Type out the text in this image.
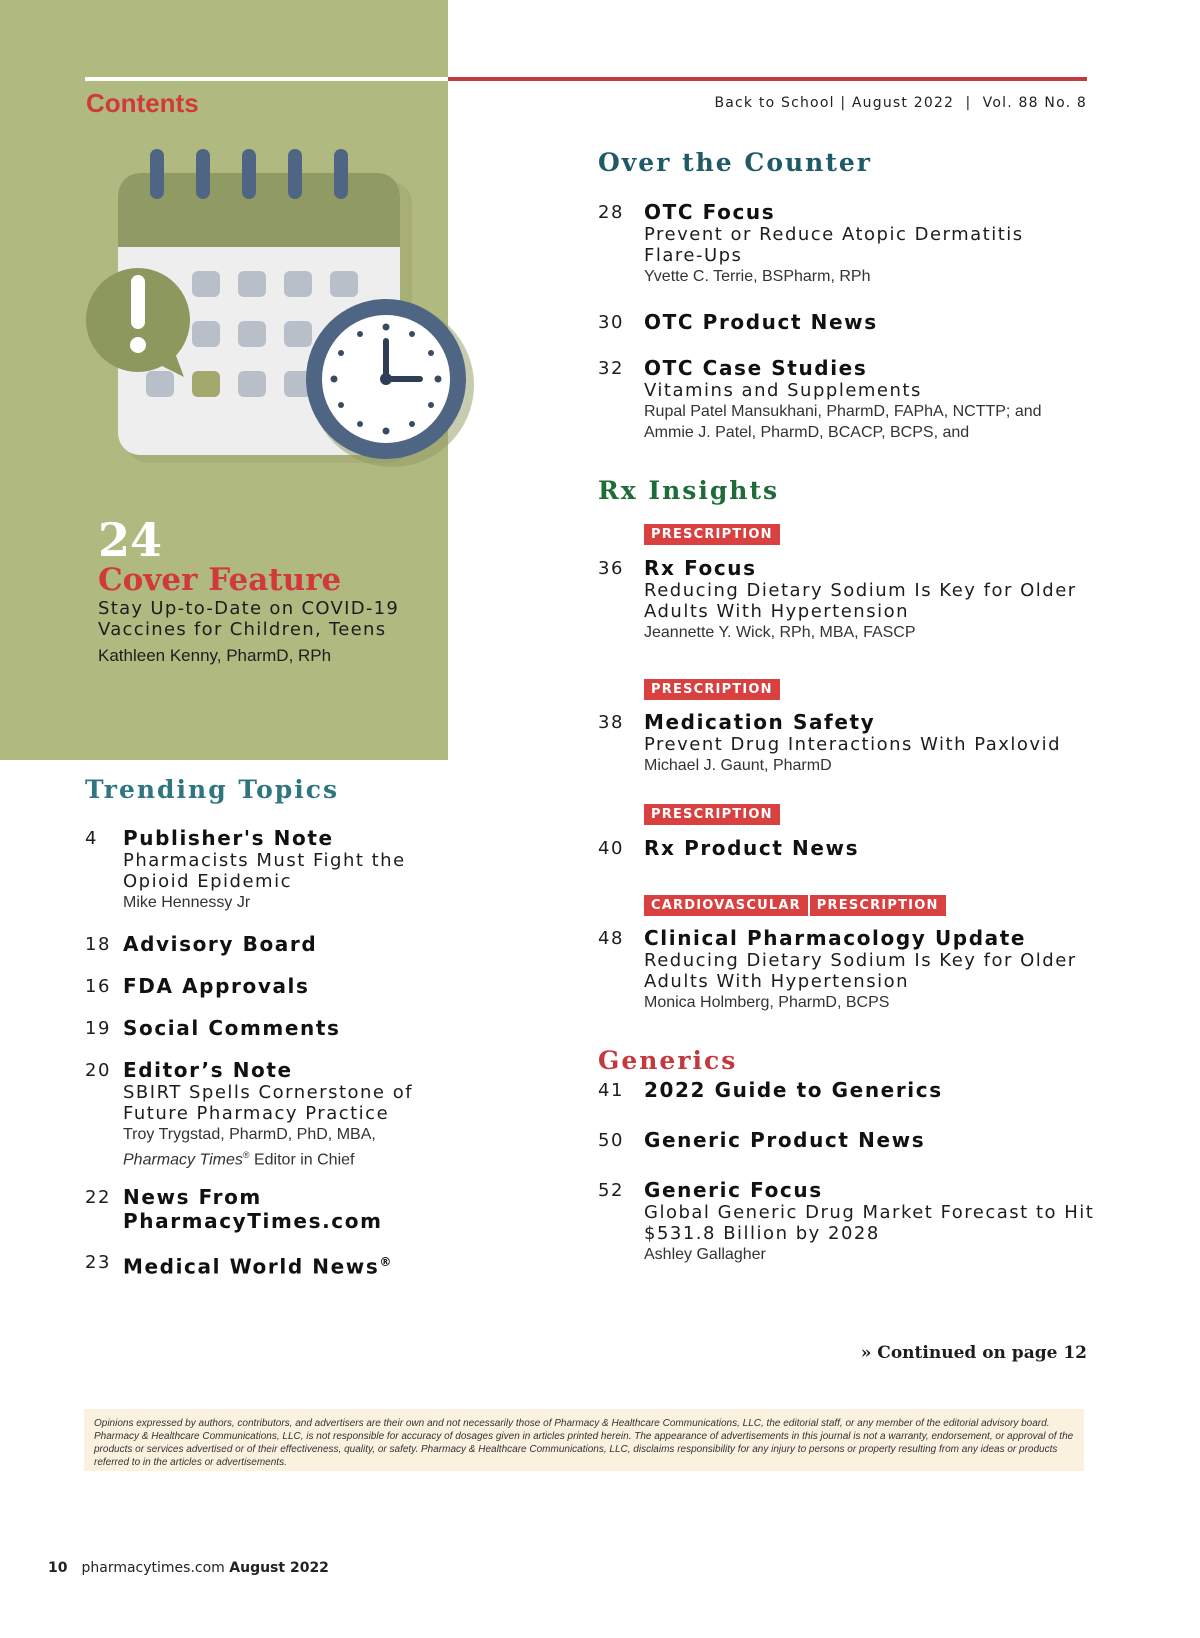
Contents	Back to School | August 2022  |  Vol. 88 No. 8
24
Cover Feature
Stay Up-to-Date on COVID-19
Vaccines for Children, Teens
Kathleen Kenny, PharmD, RPh
Trending Topics
4 Publisher's Note
Pharmacists Must Fight the
Opioid Epidemic
Mike Hennessy Jr
18 Advisory Board
16 FDA Approvals
19 Social Comments
20 Editor’s Note
SBIRT Spells Cornerstone of
Future Pharmacy Practice
Troy Trygstad, PharmD, PhD, MBA,
Pharmacy Times® Editor in Chief
22 News From
PharmacyTimes.com
23 Medical World News®
Over the Counter
28 OTC Focus
Prevent or Reduce Atopic Dermatitis
Flare-Ups
Yvette C. Terrie, BSPharm, RPh
30 OTC Product News
32 OTC Case Studies
Vitamins and Supplements
Rupal Patel Mansukhani, PharmD, FAPhA, NCTTP; and
Ammie J. Patel, PharmD, BCACP, BCPS, and
Rx Insights
PRESCRIPTION
36 Rx Focus
Reducing Dietary Sodium Is Key for Older
Adults With Hypertension
Jeannette Y. Wick, RPh, MBA, FASCP
PRESCRIPTION
38 Medication Safety
Prevent Drug Interactions With Paxlovid
Michael J. Gaunt, PharmD
PRESCRIPTION
40 Rx Product News
CARDIOVASCULAR PRESCRIPTION
48 Clinical Pharmacology Update
Reducing Dietary Sodium Is Key for Older
Adults With Hypertension
Monica Holmberg, PharmD, BCPS
Generics
41 2022 Guide to Generics
50 Generic Product News
52 Generic Focus
Global Generic Drug Market Forecast to Hit
$531.8 Billion by 2028
Ashley Gallagher
» Continued on page 12
Opinions expressed by authors, contributors, and advertisers are their own and not necessarily those of Pharmacy & Healthcare Communications, LLC, the editorial staff, or any member of the editorial advisory board. Pharmacy & Healthcare Communications, LLC, is not responsible for accuracy of dosages given in articles printed herein. The appearance of advertisements in this journal is not a warranty, endorsement, or approval of the products or services advertised or of their effectiveness, quality, or safety. Pharmacy & Healthcare Communications, LLC, disclaims responsibility for any injury to persons or property resulting from any ideas or products referred to in the articles or advertisements.
10 pharmacytimes.com August 2022
